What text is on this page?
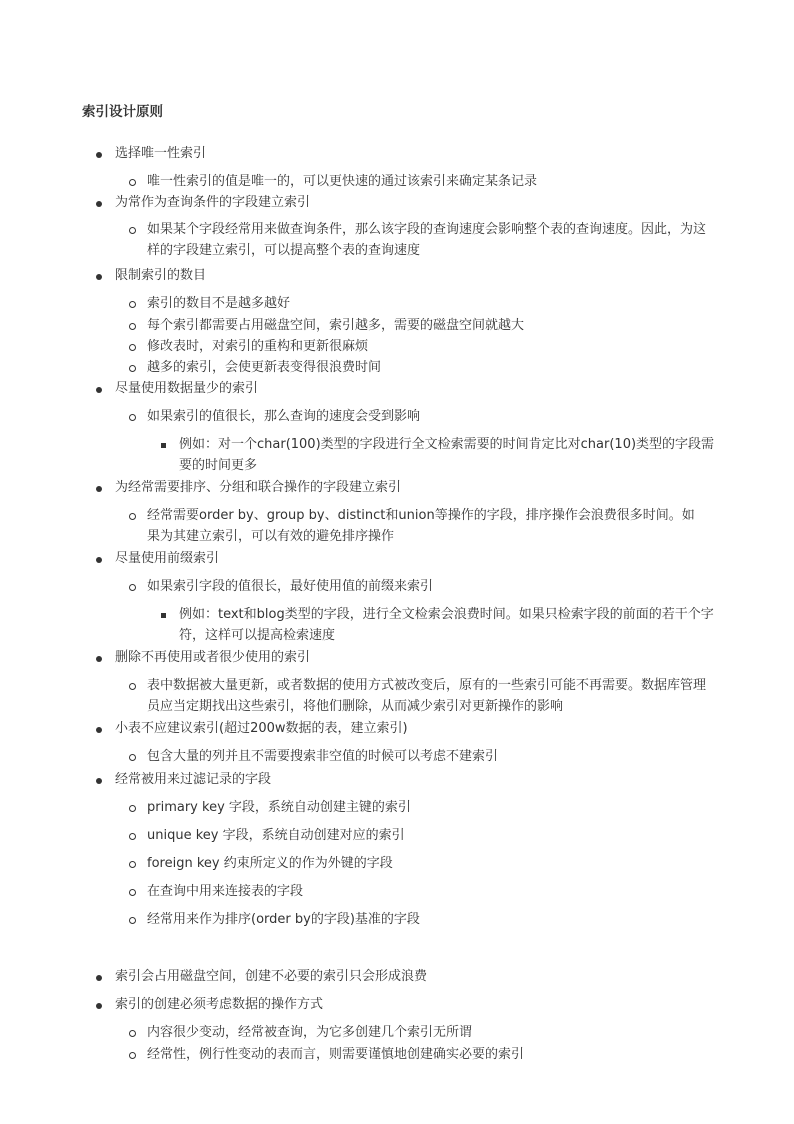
索引设计原则
选择唯一性索引
唯一性索引的值是唯一的，可以更快速的通过该索引来确定某条记录
为常作为查询条件的字段建立索引
如果某个字段经常用来做查询条件，那么该字段的查询速度会影响整个表的查询速度。因此，为这样的字段建立索引，可以提高整个表的查询速度
限制索引的数目
索引的数目不是越多越好
每个索引都需要占用磁盘空间，索引越多，需要的磁盘空间就越大
修改表时，对索引的重构和更新很麻烦
越多的索引，会使更新表变得很浪费时间
尽量使用数据量少的索引
如果索引的值很长，那么查询的速度会受到影响
例如：对一个char(100)类型的字段进行全文检索需要的时间肯定比对char(10)类型的字段需要的时间更多
为经常需要排序、分组和联合操作的字段建立索引
经常需要order by、group by、distinct和union等操作的字段，排序操作会浪费很多时间。如果为其建立索引，可以有效的避免排序操作
尽量使用前缀索引
如果索引字段的值很长，最好使用值的前缀来索引
例如：text和blog类型的字段，进行全文检索会浪费时间。如果只检索字段的前面的若干个字符，这样可以提高检索速度
删除不再使用或者很少使用的索引
表中数据被大量更新，或者数据的使用方式被改变后，原有的一些索引可能不再需要。数据库管理员应当定期找出这些索引，将他们删除，从而减少索引对更新操作的影响
小表不应建议索引(超过200w数据的表，建立索引)
包含大量的列并且不需要搜索非空值的时候可以考虑不建索引
经常被用来过滤记录的字段
primary key 字段，系统自动创建主键的索引
unique key 字段，系统自动创建对应的索引
foreign key 约束所定义的作为外键的字段
在查询中用来连接表的字段
经常用来作为排序(order by的字段)基准的字段
索引会占用磁盘空间，创建不必要的索引只会形成浪费
索引的创建必须考虑数据的操作方式
内容很少变动，经常被查询，为它多创建几个索引无所谓
经常性，例行性变动的表而言，则需要谨慎地创建确实必要的索引
